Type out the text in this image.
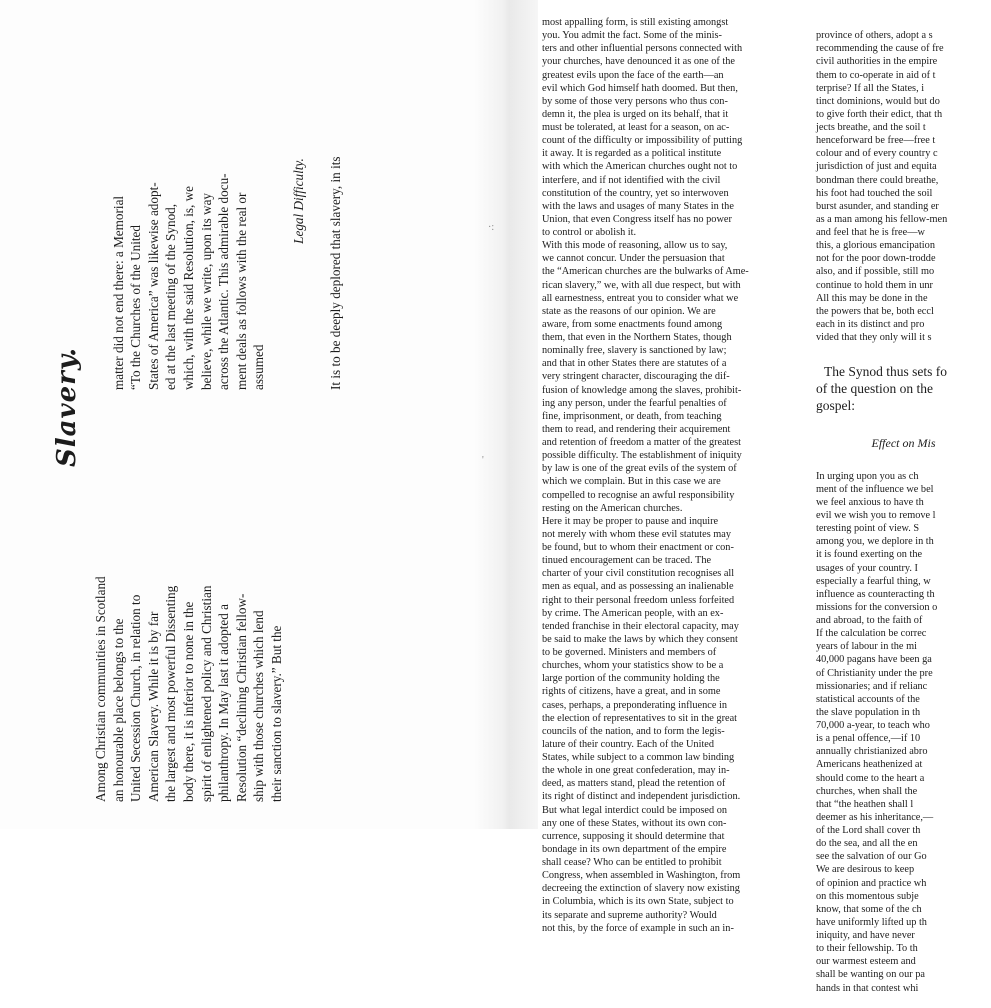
Slavery.
Among Christian communities in Scotland
an honourable place belongs to the
United Secession Church, in relation to
American Slavery. While it is by far
the largest and most powerful Dissenting
body there, it is inferior to none in the
spirit of enlightened policy and Christian
philanthropy. In May last it adopted a
Resolution “declining Christian fellow-
ship with those churches which lend
their sanction to slavery.” But the

matter did not end there: a Memorial
“To the Churches of the United
States of America” was likewise adopt-
ed at the last meeting of the Synod,
which, with the said Resolution, is, we
believe, while we write, upon its way
across the Atlantic. This admirable docu-
ment deals as follows with the real or
assumed

Legal Difficulty. It is to be deeply deplored that slavery, in its	·:
'
most appalling form, is still existing amongst
you. You admit the fact. Some of the minis-
ters and other influential persons connected with
your churches, have denounced it as one of the
greatest evils upon the face of the earth—an
evil which God himself hath doomed. But then,
by some of those very persons who thus con-
demn it, the plea is urged on its behalf, that it
must be tolerated, at least for a season, on ac-
count of the difficulty or impossibility of putting
it away. It is regarded as a political institute
with which the American churches ought not to
interfere, and if not identified with the civil
constitution of the country, yet so interwoven
with the laws and usages of many States in the
Union, that even Congress itself has no power
to control or abolish it.
With this mode of reasoning, allow us to say,
we cannot concur. Under the persuasion that
the “American churches are the bulwarks of Ame-
rican slavery,” we, with all due respect, but with
all earnestness, entreat you to consider what we
state as the reasons of our opinion. We are
aware, from some enactments found among
them, that even in the Northern States, though
nominally free, slavery is sanctioned by law;
and that in other States there are statutes of a
very stringent character, discouraging the dif-
fusion of knowledge among the slaves, prohibit-
ing any person, under the fearful penalties of
fine, imprisonment, or death, from teaching
them to read, and rendering their acquirement
and retention of freedom a matter of the greatest
possible difficulty. The establishment of iniquity
by law is one of the great evils of the system of
which we complain. But in this case we are
compelled to recognise an awful responsibility
resting on the American churches.
Here it may be proper to pause and inquire
not merely with whom these evil statutes may
be found, but to whom their enactment or con-
tinued encouragement can be traced. The
charter of your civil constitution recognises all
men as equal, and as possessing an inalienable
right to their personal freedom unless forfeited
by crime. The American people, with an ex-
tended franchise in their electoral capacity, may
be said to make the laws by which they consent
to be governed. Ministers and members of
churches, whom your statistics show to be a
large portion of the community holding the
rights of citizens, have a great, and in some
cases, perhaps, a preponderating influence in
the election of representatives to sit in the great
councils of the nation, and to form the legis-
lature of their country. Each of the United
States, while subject to a common law binding
the whole in one great confederation, may in-
deed, as matters stand, plead the retention of
its right of distinct and independent jurisdiction.
But what legal interdict could be imposed on
any one of these States, without its own con-
currence, supposing it should determine that
bondage in its own department of the empire
shall cease? Who can be entitled to prohibit
Congress, when assembled in Washington, from
decreeing the extinction of slavery now existing
in Columbia, which is its own State, subject to
its separate and supreme authority? Would
not this, by the force of example in such an in-

province of others, adopt a s
recommending the cause of fre
civil authorities in the empire
them to co-operate in aid of t
terprise? If all the States, i
tinct dominions, would but do
to give forth their edict, that th
jects breathe, and the soil t
henceforward be free—free t
colour and of every country c
jurisdiction of just and equita
bondman there could breathe,
his foot had touched the soil
burst asunder, and standing er
as a man among his fellow-men
and feel that he is free—w
this, a glorious emancipation
not for the poor down-trodde
also, and if possible, still mo
continue to hold them in unr
All this may be done in the
the powers that be, both eccl
each in its distinct and pro
vided that they only will it s

The Synod thus sets fo
of the question on the
gospel:

Effect on Mis

In urging upon you as ch
ment of the influence we bel
we feel anxious to have th
evil we wish you to remove l
teresting point of view. S
among you, we deplore in th
it is found exerting on the
usages of your country. I
especially a fearful thing, w
influence as counteracting th
missions for the conversion o
and abroad, to the faith of
If the calculation be correc
years of labour in the mi
40,000 pagans have been ga
of Christianity under the pre
missionaries; and if relianc
statistical accounts of the
the slave population in th
70,000 a-year, to teach who
is a penal offence,—if 10
annually christianized abro
Americans heathenized at
should come to the heart a
churches, when shall the
that “the heathen shall l
deemer as his inheritance,—
of the Lord shall cover th
do the sea, and all the en
see the salvation of our Go
We are desirous to keep
of opinion and practice wh
on this momentous subje
know, that some of the ch
have uniformly lifted up th
iniquity, and have never
to their fellowship. To th
our warmest esteem and
shall be wanting on our pa
hands in that contest whi
